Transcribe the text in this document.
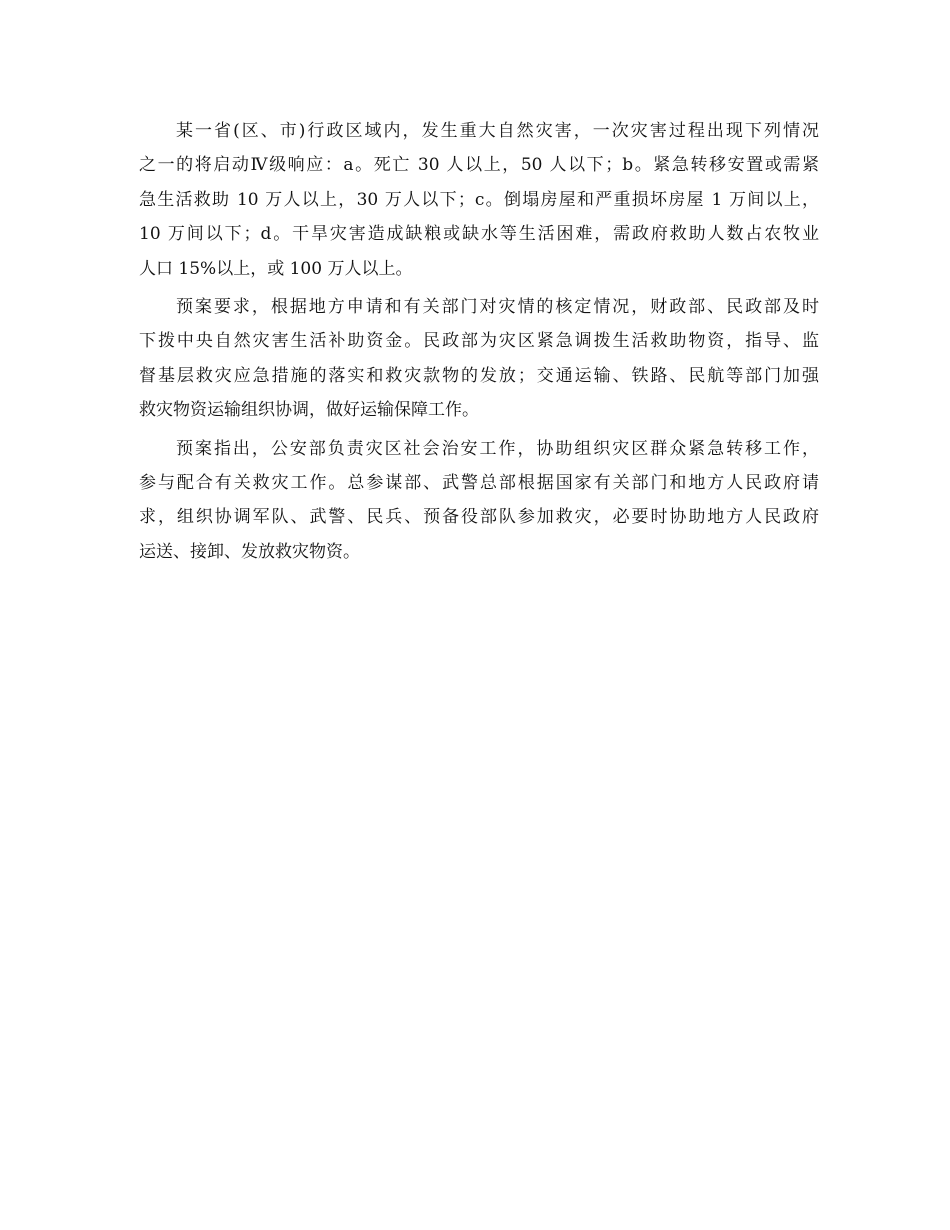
某一省(区、市)行政区域内，发生重大自然灾害，一次灾害过程出现下列情况
之一的将启动Ⅳ级响应：a。死亡 30 人以上，50 人以下；b。紧急转移安置或需紧
急生活救助 10 万人以上，30 万人以下；c。倒塌房屋和严重损坏房屋 1 万间以上，
10 万间以下；d。干旱灾害造成缺粮或缺水等生活困难，需政府救助人数占农牧业
人口 15%以上，或 100 万人以上。
预案要求，根据地方申请和有关部门对灾情的核定情况，财政部、民政部及时
下拨中央自然灾害生活补助资金。民政部为灾区紧急调拨生活救助物资，指导、监
督基层救灾应急措施的落实和救灾款物的发放；交通运输、铁路、民航等部门加强
救灾物资运输组织协调，做好运输保障工作。
预案指出，公安部负责灾区社会治安工作，协助组织灾区群众紧急转移工作，
参与配合有关救灾工作。总参谋部、武警总部根据国家有关部门和地方人民政府请
求，组织协调军队、武警、民兵、预备役部队参加救灾，必要时协助地方人民政府
运送、接卸、发放救灾物资。
